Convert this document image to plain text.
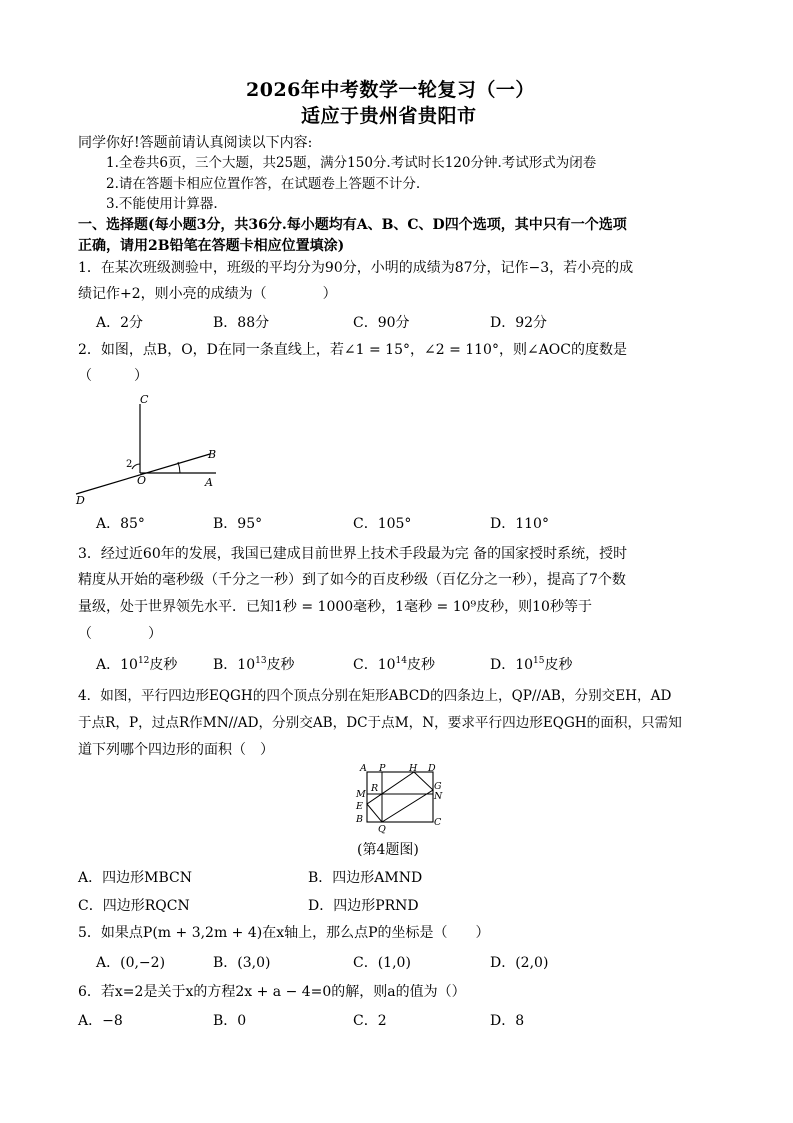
2026年中考数学一轮复习（一）
适应于贵州省贵阳市
同学你好!答题前请认真阅读以下内容:
1.全卷共6页，三个大题，共25题，满分150分.考试时长120分钟.考试形式为闭卷
2.请在答题卡相应位置作答，在试题卷上答题不计分.
3.不能使用计算器.
一、选择题(每小题3分，共36分.每小题均有A、B、C、D四个选项，其中只有一个选项
正确，请用2B铅笔在答题卡相应位置填涂)
1．在某次班级测验中，班级的平均分为90分，小明的成绩为87分，记作−3，若小亮的成
绩记作+2，则小亮的成绩为（　　　　）
A．2分	B．88分	C．90分	D．92分
2．如图，点B，O，D在同一条直线上，若∠1 = 15°，∠2 = 110°，则∠AOC的度数是
（　　　）
C
B
A
D
O
2
A．85°	B．95°	C．105°	D．110°
3．经过近60年的发展，我国已建成目前世界上技术手段最为完 备的国家授时系统，授时
精度从开始的毫秒级（千分之一秒）到了如今的百皮秒级（百亿分之一秒），提高了7个数
量级，处于世界领先水平．已知1秒 = 1000毫秒，1毫秒 = 10⁹皮秒，则10秒等于
（　　　　）
A．$10^{12}$皮秒	B．$10^{13}$皮秒	C．$10^{14}$皮秒	D．$10^{15}$皮秒
4．如图，平行四边形EQGH的四个顶点分别在矩形ABCD的四条边上，QP//AB，分别交EH，AD
于点R，P，过点R作MN//AD，分别交AB，DC于点M，N，要求平行四边形EQGH的面积，只需知
道下列哪个四边形的面积（　）
A P H D
R	G
N
M
E
B
Q
C
(第4题图)
A．四边形MBCN	B．四边形AMND
C．四边形RQCN	D．四边形PRND
5．如果点P(m + 3,2m + 4)在x轴上，那么点P的坐标是（　　）
A．(0,−2)	B．(3,0)	C．(1,0)	D．(2,0)
6．若x=2是关于x的方程2x + a − 4=0的解，则a的值为（）
A．−8	B．0	C．2	D．8
